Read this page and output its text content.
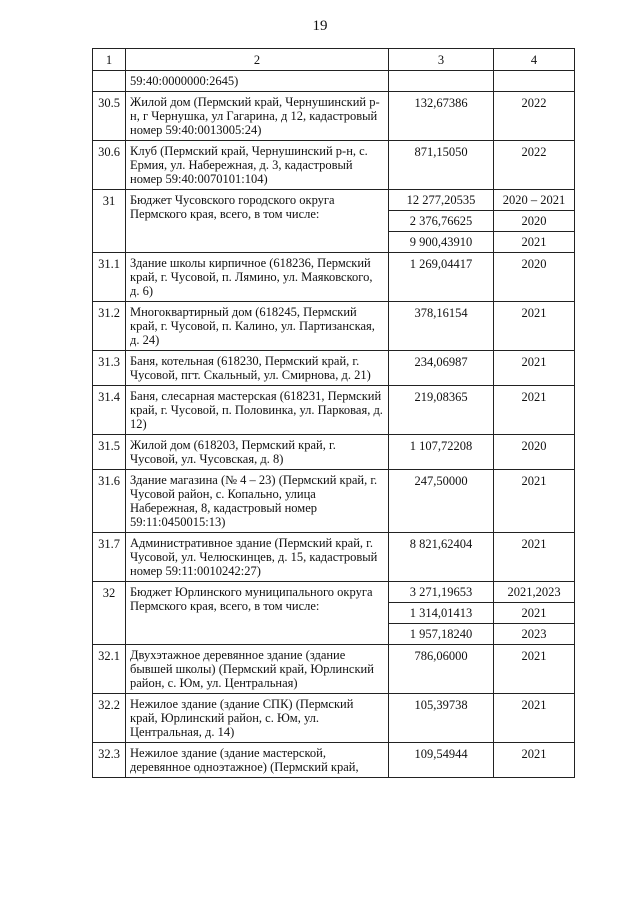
19
1	2	3	4
	59:40:0000000:2645)		
30.5	Жилой дом (Пермский край, Чернушинский р-н, г Чернушка, ул Гагарина, д 12, кадастровый номер 59:40:0013005:24)	132,67386	2022
30.6	Клуб (Пермский край, Чернушинский р-н, с. Ермия, ул. Набережная, д. 3, кадастровый номер 59:40:0070101:104)	871,15050	2022
31	Бюджет Чусовского городского округа Пермского края, всего, в том числе:	12 277,20535	2020 – 2021
		2 376,76625	2020
		9 900,43910	2021
31.1	Здание школы кирпичное (618236, Пермский край, г. Чусовой, п. Лямино, ул. Маяковского, д. 6)	1 269,04417	2020
31.2	Многоквартирный дом (618245, Пермский край, г. Чусовой, п. Калино, ул. Партизанская, д. 24)	378,16154	2021
31.3	Баня, котельная (618230, Пермский край, г. Чусовой, пгт. Скальный, ул. Смирнова, д. 21)	234,06987	2021
31.4	Баня, слесарная мастерская (618231, Пермский край, г. Чусовой, п. Половинка, ул. Парковая, д. 12)	219,08365	2021
31.5	Жилой дом (618203, Пермский край, г. Чусовой, ул. Чусовская, д. 8)	1 107,72208	2020
31.6	Здание магазина (№ 4 – 23) (Пермский край, г. Чусовой район, с. Копально, улица Набережная, 8, кадастровый номер 59:11:0450015:13)	247,50000	2021
31.7	Административное здание (Пермский край, г. Чусовой, ул. Челюскинцев, д. 15, кадастровый номер 59:11:0010242:27)	8 821,62404	2021
32	Бюджет Юрлинского муниципального округа Пермского края, всего, в том числе:	3 271,19653	2021,2023
		1 314,01413	2021
		1 957,18240	2023
32.1	Двухэтажное деревянное здание (здание бывшей школы) (Пермский край, Юрлинский район, с. Юм, ул. Центральная)	786,06000	2021
32.2	Нежилое здание (здание СПК) (Пермский край, Юрлинский район, с. Юм, ул. Центральная, д. 14)	105,39738	2021
32.3	Нежилое здание (здание мастерской, деревянное одноэтажное) (Пермский край,	109,54944	2021
